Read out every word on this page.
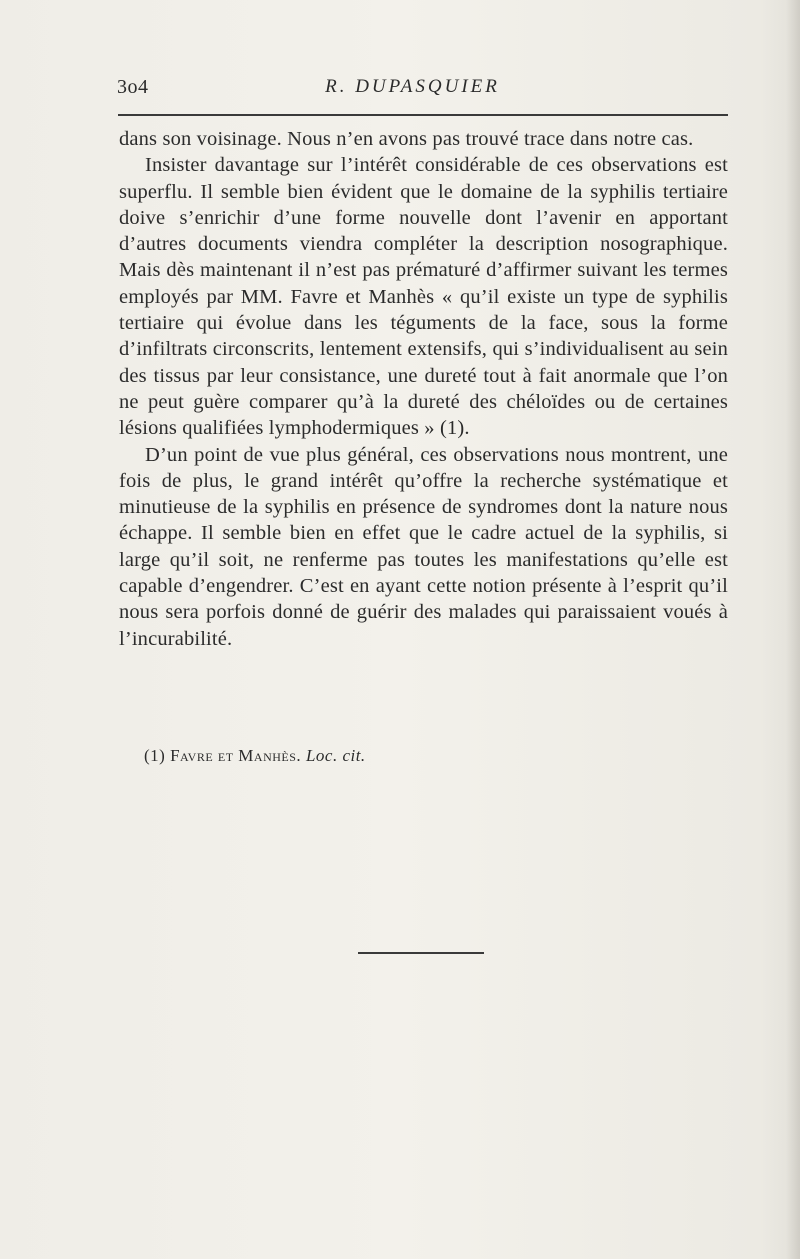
3o4	R. DUPASQUIER

dans son voisinage. Nous n’en avons pas trouvé trace dans notre cas.

Insister davantage sur l’intérêt considérable de ces observations est superflu. Il semble bien évident que le domaine de la syphilis tertiaire doive s’enrichir d’une forme nouvelle dont l’avenir en apportant d’autres documents viendra compléter la description nosographique. Mais dès maintenant il n’est pas prématuré d’affirmer suivant les termes employés par MM. Favre et Manhès « qu’il existe un type de syphilis tertiaire qui évolue dans les téguments de la face, sous la forme d’infiltrats circonscrits, lentement extensifs, qui s’individualisent au sein des tissus par leur consistance, une dureté tout à fait anormale que l’on ne peut guère comparer qu’à la dureté des chéloïdes ou de certaines lésions qualifiées lymphodermiques » (1).

D’un point de vue plus général, ces observations nous montrent, une fois de plus, le grand intérêt qu’offre la recherche systématique et minutieuse de la syphilis en présence de syndromes dont la nature nous échappe. Il semble bien en effet que le cadre actuel de la syphilis, si large qu’il soit, ne renferme pas toutes les manifestations qu’elle est capable d’engendrer. C’est en ayant cette notion présente à l’esprit qu’il nous sera porfois donné de guérir des malades qui paraissaient voués à l’incurabilité.

(1) Favre et Manhès. Loc. cit.
